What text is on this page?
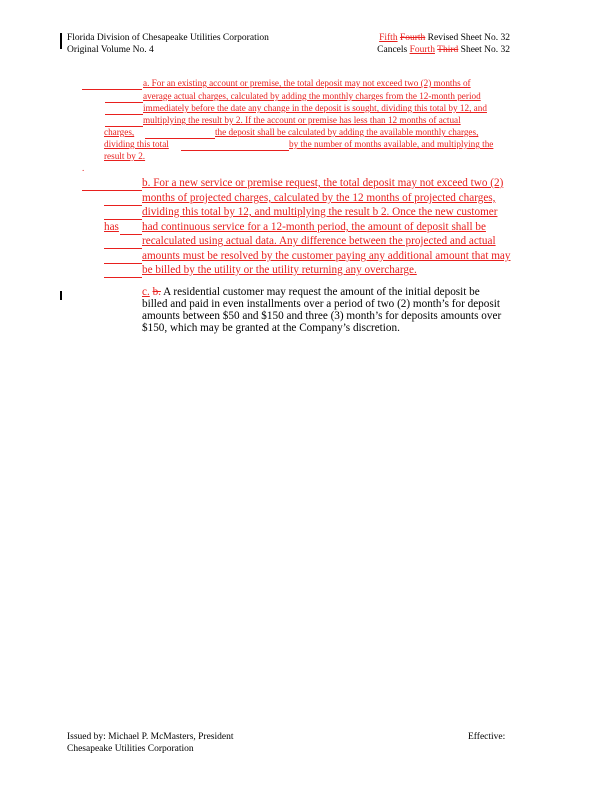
Florida Division of Chesapeake Utilities Corporation
Original Volume No. 4
Fifth Fourth Revised Sheet No. 32
Cancels Fourth Third Sheet No. 32
a. For an existing account or premise, the total deposit may not exceed two (2) months of
average actual charges, calculated by adding the monthly charges from the 12-month period
immediately before the date any change in the deposit is sought, dividing this total by 12, and
multiplying the result by 2. If the account or premise has less than 12 months of actual
charges,	the deposit shall be calculated by adding the available monthly charges,
dividing this total	by the number of months available, and multiplying the
result by 2.
.
b. For a new service or premise request, the total deposit may not exceed two (2)
months of projected charges, calculated by the 12 months of projected charges,
dividing this total by 12, and multiplying the result b 2. Once the new customer
has had continuous service for a 12-month period, the amount of deposit shall be
recalculated using actual data. Any difference between the projected and actual
amounts must be resolved by the customer paying any additional amount that may
be billed by the utility or the utility returning any overcharge.
c. b. A residential customer may request the amount of the initial deposit be
billed and paid in even installments over a period of two (2) month’s for deposit
amounts between $50 and $150 and three (3) month’s for deposits amounts over
$150, which may be granted at the Company’s discretion.
Issued by: Michael P. McMasters, President
Chesapeake Utilities Corporation
Effective:
